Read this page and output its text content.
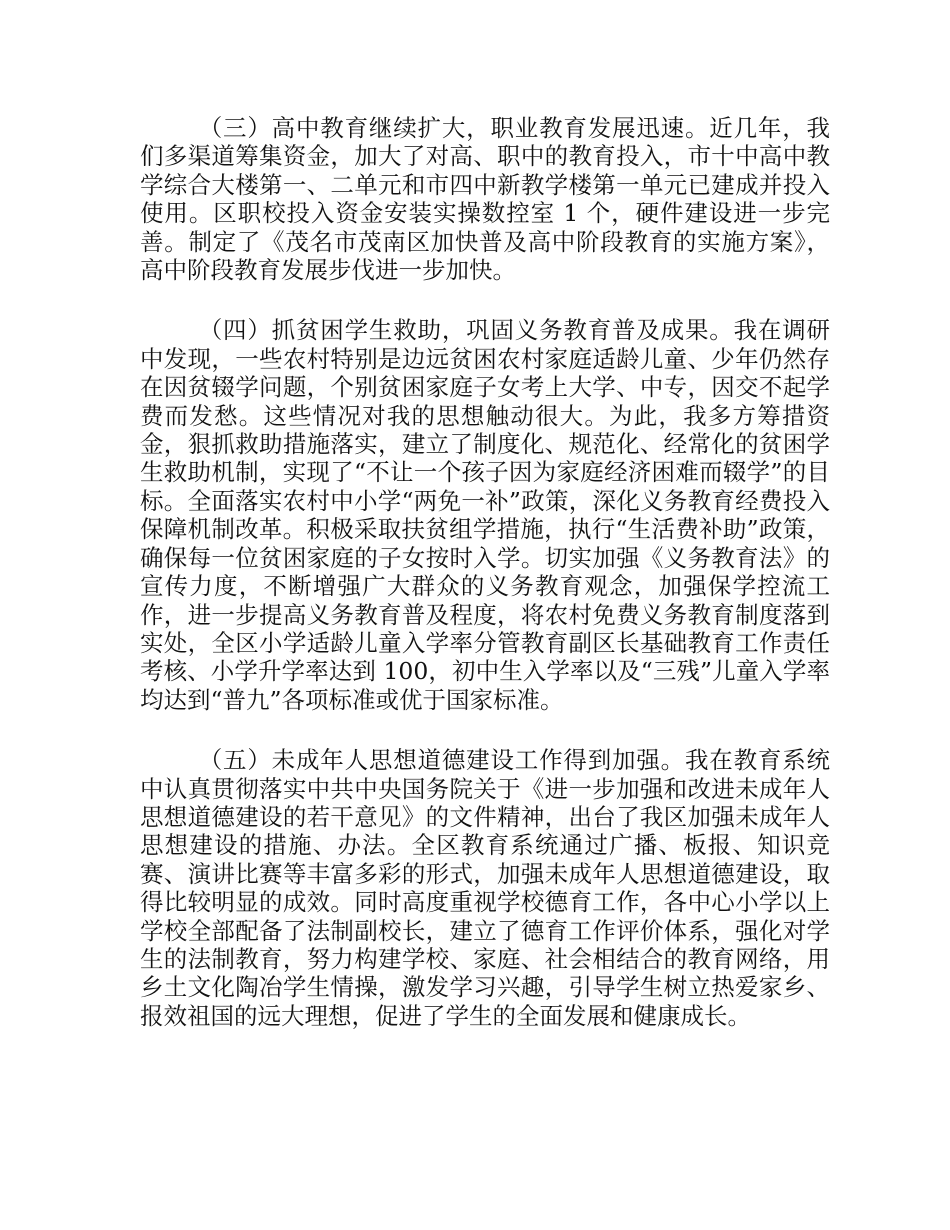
（三）高中教育继续扩大，职业教育发展迅速。近几年，我们多渠道筹集资金，加大了对高、职中的教育投入，市十中高中教学综合大楼第一、二单元和市四中新教学楼第一单元已建成并投入使用。区职校投入资金安装实操数控室 1 个，硬件建设进一步完善。制定了《茂名市茂南区加快普及高中阶段教育的实施方案》，高中阶段教育发展步伐进一步加快。

（四）抓贫困学生救助，巩固义务教育普及成果。我在调研中发现，一些农村特别是边远贫困农村家庭适龄儿童、少年仍然存在因贫辍学问题，个别贫困家庭子女考上大学、中专，因交不起学费而发愁。这些情况对我的思想触动很大。为此，我多方筹措资金，狠抓救助措施落实，建立了制度化、规范化、经常化的贫困学生救助机制，实现了“不让一个孩子因为家庭经济困难而辍学”的目标。全面落实农村中小学“两免一补”政策，深化义务教育经费投入保障机制改革。积极采取扶贫组学措施，执行“生活费补助”政策，确保每一位贫困家庭的子女按时入学。切实加强《义务教育法》的宣传力度，不断增强广大群众的义务教育观念，加强保学控流工作，进一步提高义务教育普及程度，将农村免费义务教育制度落到实处，全区小学适龄儿童入学率分管教育副区长基础教育工作责任考核、小学升学率达到 100，初中生入学率以及“三残”儿童入学率均达到“普九”各项标准或优于国家标准。

（五）未成年人思想道德建设工作得到加强。我在教育系统中认真贯彻落实中共中央国务院关于《进一步加强和改进未成年人思想道德建设的若干意见》的文件精神，出台了我区加强未成年人思想建设的措施、办法。全区教育系统通过广播、板报、知识竞赛、演讲比赛等丰富多彩的形式，加强未成年人思想道德建设，取得比较明显的成效。同时高度重视学校德育工作，各中心小学以上学校全部配备了法制副校长，建立了德育工作评价体系，强化对学生的法制教育，努力构建学校、家庭、社会相结合的教育网络，用乡土文化陶冶学生情操，激发学习兴趣，引导学生树立热爱家乡、报效祖国的远大理想，促进了学生的全面发展和健康成长。
